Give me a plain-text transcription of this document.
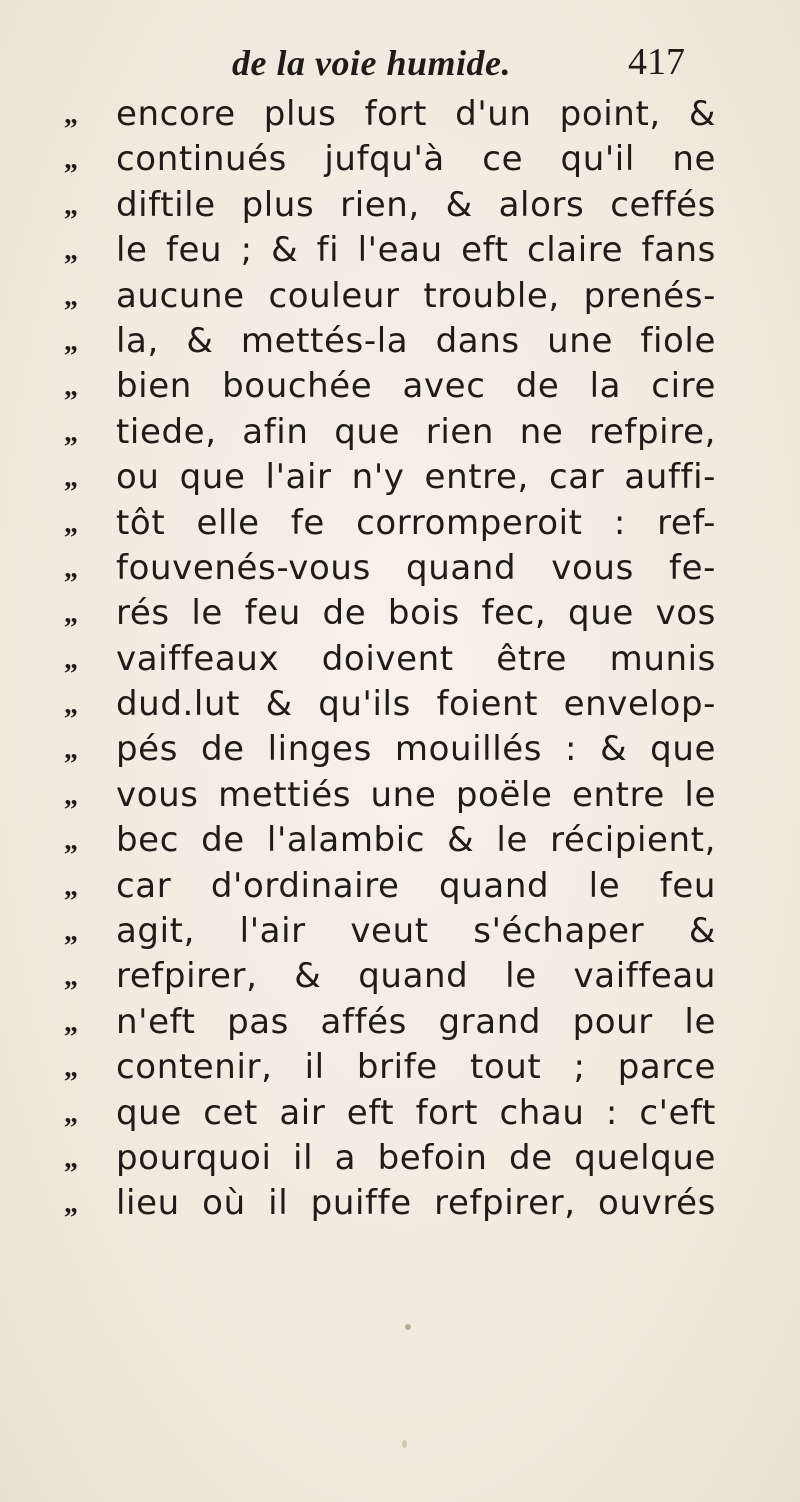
de la voie humide.	417
„
„
„
„
„
„
„
„
„
„
„
„
„
„
„
„
„
„
„
„
„
„
„
„
„
encore plus fort d'un point, &
continués jufqu'à ce qu'il ne
diftile plus rien, & alors ceffés
le feu ; & fi l'eau eft claire fans
aucune couleur trouble, prenés-
la, & mettés-la dans une fiole
bien bouchée avec de la cire
tiede, afin que rien ne refpire,
ou que l'air n'y entre, car auffi-
tôt elle fe corromperoit : ref-
fouvenés-vous quand vous fe-
rés le feu de bois fec, que vos
vaiffeaux doivent être munis
dud.lut & qu'ils foient envelop-
pés de linges mouillés : & que
vous mettiés une poële entre le
bec de l'alambic & le récipient,
car d'ordinaire quand le feu
agit, l'air veut s'échaper &
refpirer, & quand le vaiffeau
n'eft pas affés grand pour le
contenir, il brife tout ; parce
que cet air eft fort chau : c'eft
pourquoi il a befoin de quelque
lieu où il puiffe refpirer, ouvrés
